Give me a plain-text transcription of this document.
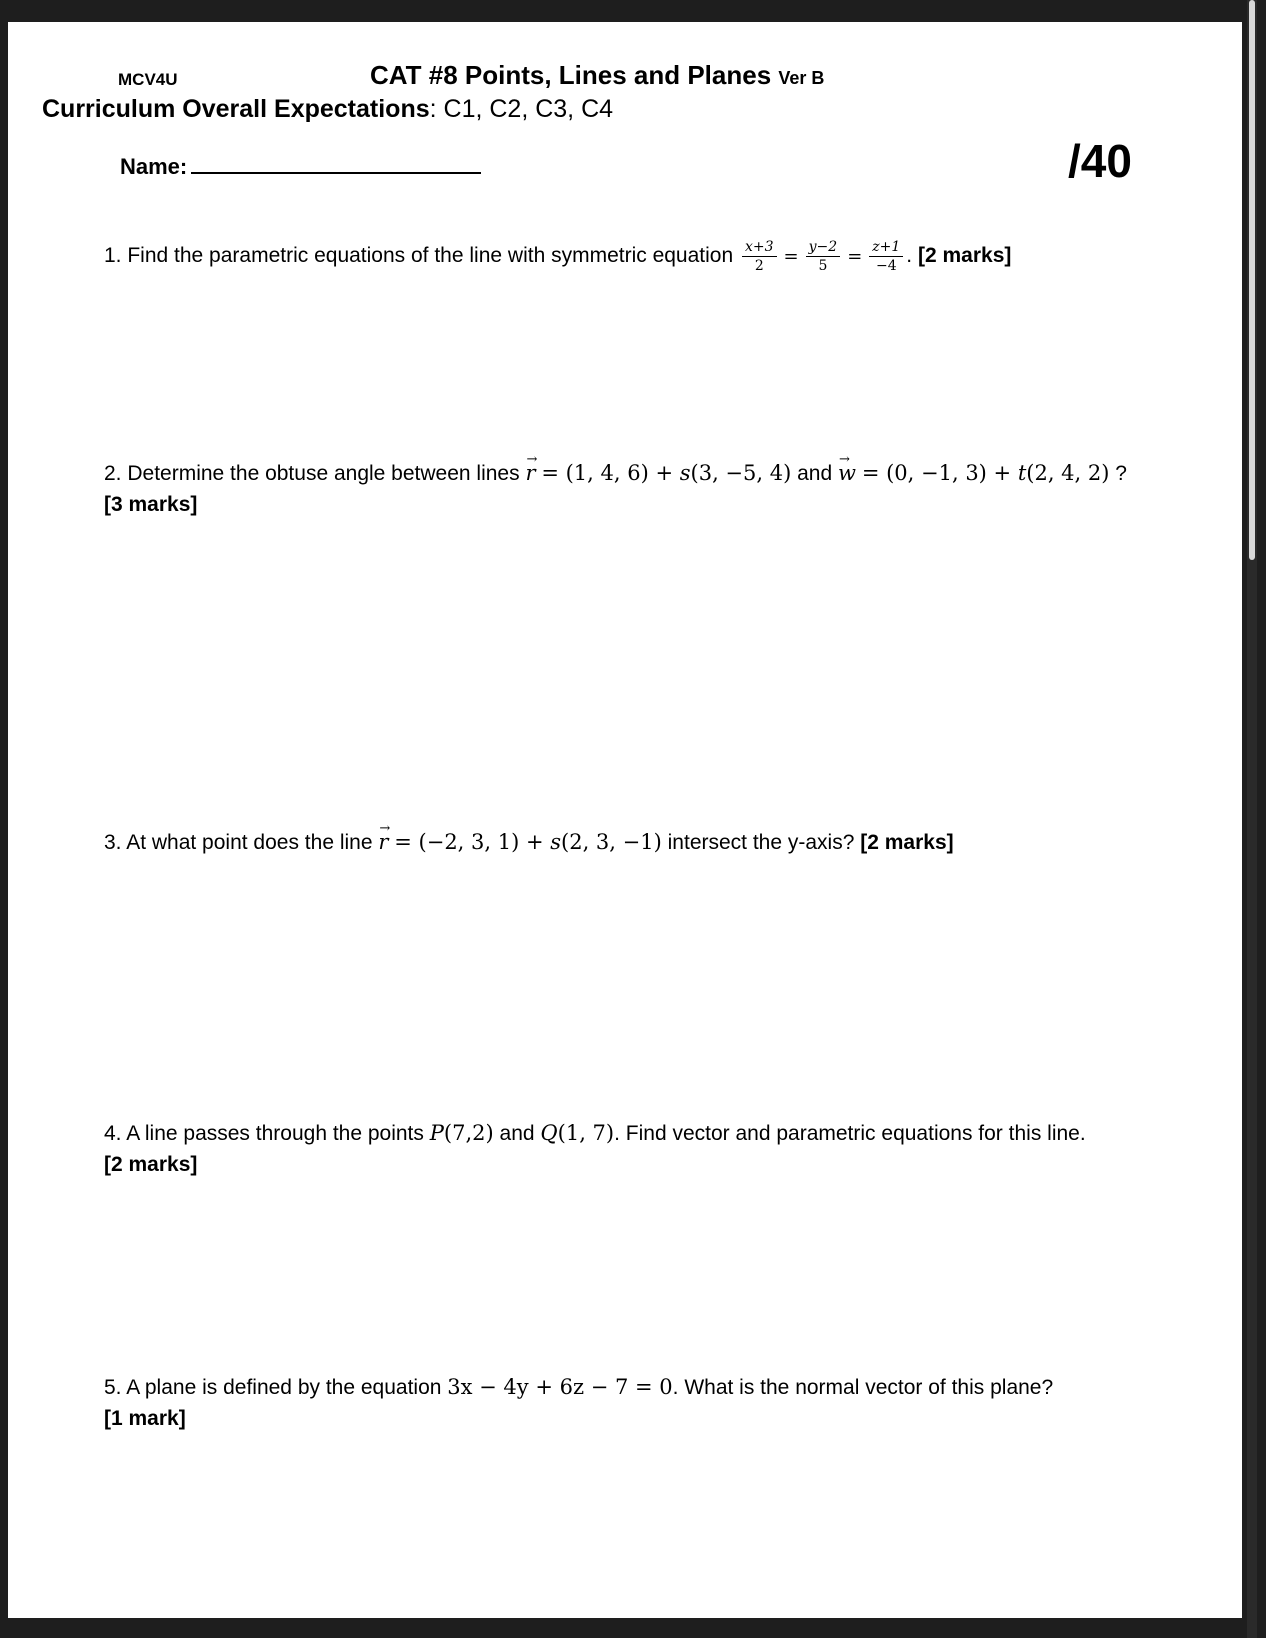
MCV4U	CAT #8 Points, Lines and Planes Ver B
Curriculum Overall Expectations: C1, C2, C3, C4
Name:	/40
1. Find the parametric equations of the line with symmetric equation $\frac{x+3}{2} = \frac{y-2}{5} = \frac{z+1}{-4}$ . [2 marks]
2. Determine the obtuse angle between lines → r = (1, 4, 6) + s(3, −5, 4) and → w = (0, −1, 3) + t(2, 4, 2) ?
[3 marks]
3. At what point does the line → r = (−2, 3, 1) + s(2, 3, −1) intersect the y-axis? [2 marks]
4. A line passes through the points P(7,2) and Q(1, 7). Find vector and parametric equations for this line.
[2 marks]
5. A plane is defined by the equation 3x − 4y + 6z − 7 = 0. What is the normal vector of this plane?
[1 mark]
